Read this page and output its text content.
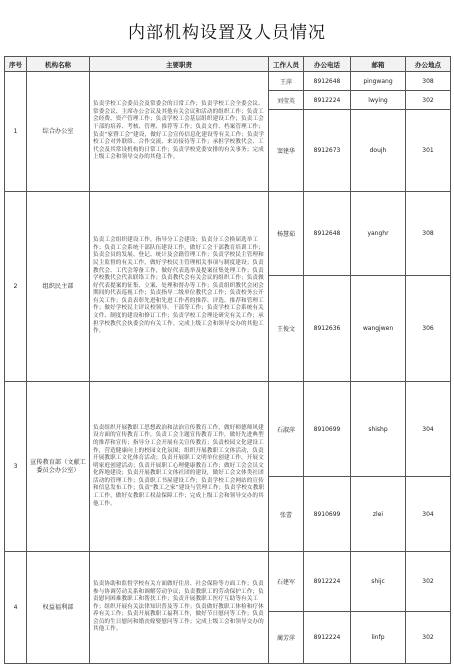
内部机构设置及人员情况
序号	机构名称	主要职责	工作人员	办公电话	邮箱	办公地点
1	综合办公室	负责学校工会委员会及常委会的日常工作；负责学校工会全委会议、常委会议、主席办公会议及其他有关会议和活动的组织工作；负责工会经费、资产管理工作；负责学校工会基层组织建设工作；负责工会干部的培养、考核、管理、推荐等工作；负责文件、档案管理工作；负责“家暨工会”建设，做好工会宣传信息化建设等有关工作；负责学校工会对外联络、合作交流、来访接待等工作；承担学校教代会、工代会及其常设机构的日常工作；负责学校党委安排的有关事务；完成上级工会和领导交办的其他工作。	王萍	8912648	pingwang	308
			刘莹英	8912224	lwying	302
			窦建华	8912673	doujh	301
2	组织民主部	负责工会组织建设工作，指导分工会建设；负责分工会换届选举工作；负责工会系统干部队伍建设工作，做好工会干部教育培训工作；负责会员的发展、登记、统计及会籍管理工作；负责学校民主管理和民主监督的有关工作，做好学校民主管理相关事项与制度建设；负责教代会、工代会筹备工作，做好代表选举及提案征集处理工作；负责学校教代会代表联络工作；负责教代会有关会议的组织工作；负责做好代表提案的征集、立案、处理和督办等工作；负责组织教代会闭会期间的代表巡视工作；负责指导二级单位教代会工作；负责校务公开有关工作；负责表彰先进和先进工作者的推荐、评选、推荐和管理工作；做好学校民主评议校领导、干部等工作；负责学校工会系统有关文件、制度的建设和修订工作；负责学校工会理论研究有关工作；承担学校教代会执委会的有关工作。完成上级工会和领导交办的其他工作。	杨慧茹	8912648	yanghr	308
			王俊文	8912636	wangjwen	306
3	宣传教育部（文献工委员会办公室）	负责组织开展教职工思想政治和法治宣传教育工作，做好师德师风建设方面的宣传教育工作，负责工会主题宣传教育工作，做好先进典型的推荐和宣传；指导分工会开展有关宣传教育；负责校园文化建设工作，营造健康向上的校园文化氛围；组织开展教职工文体活动，负责开展教职工文化体育活动；负责开展职工文明单位创建工作，开展文明家庭创建活动；负责开展职工心理健康教育工作；做好工会会员文化阵地建设；负责开展教职工文体社团的建设，做好工会文体类社团活动的管理工作；负责职工书屋建设工作；负责学校工会网站的宣传和信息发布工作；负责“教工之家”建设与管理工作；负责学校女教职工工作，做好女教职工权益保障工作；完成上级工会和领导交办的其他工作。	石淑萍	8910699	shishp	304
			张蕾	8910699	zlei	304
4	权益福利部	负责协助和监督学校有关方面做好住房、社会保险等方面工作；负责参与协调劳动关系和调解劳动争议；负责教职工的劳动保护工作；负责慰问困难教职工和帮扶工作；负责开展教职工医疗互助等有关工作；组织开展有关法律知识普及等工作；负责做好教职工体检和疗休养有关工作；负责开展教职工福利工作，做好节日慰问等工作；负责会员的生日慰问和婚丧嫁娶慰问等工作；完成上级工会和领导交办的其他工作。	石建军	8912224	shijc	302
			蔺芳萍	8912224	linfp	302
